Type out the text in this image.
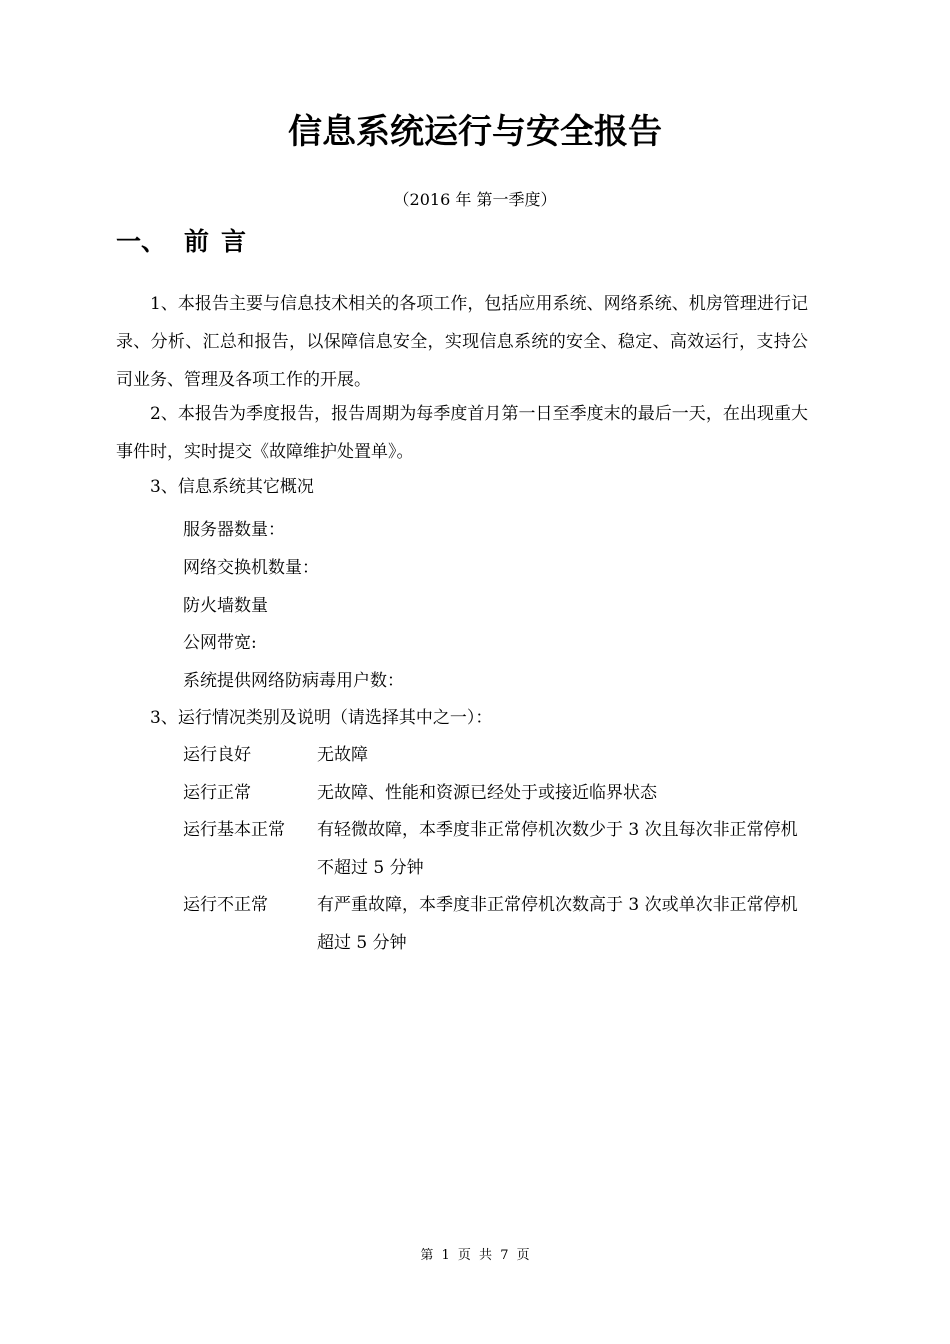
信息系统运行与安全报告
（2016 年 第一季度）
一、 前言

1、本报告主要与信息技术相关的各项工作，包括应用系统、网络系统、机房管理进行记录、分析、汇总和报告，以保障信息安全，实现信息系统的安全、稳定、高效运行，支持公司业务、管理及各项工作的开展。

2、本报告为季度报告，报告周期为每季度首月第一日至季度末的最后一天，在出现重大事件时，实时提交《故障维护处置单》。

3、信息系统其它概况

服务器数量：
网络交换机数量：
防火墙数量
公网带宽:
系统提供网络防病毒用户数：

3、运行情况类别及说明（请选择其中之一）：

运行良好	无故障
运行正常	无故障、性能和资源已经处于或接近临界状态
运行基本正常	有轻微故障，本季度非正常停机次数少于 3 次且每次非正常停机不超过 5 分钟
运行不正常	有严重故障，本季度非正常停机次数高于 3 次或单次非正常停机超过 5 分钟
第 1 页 共 7 页
